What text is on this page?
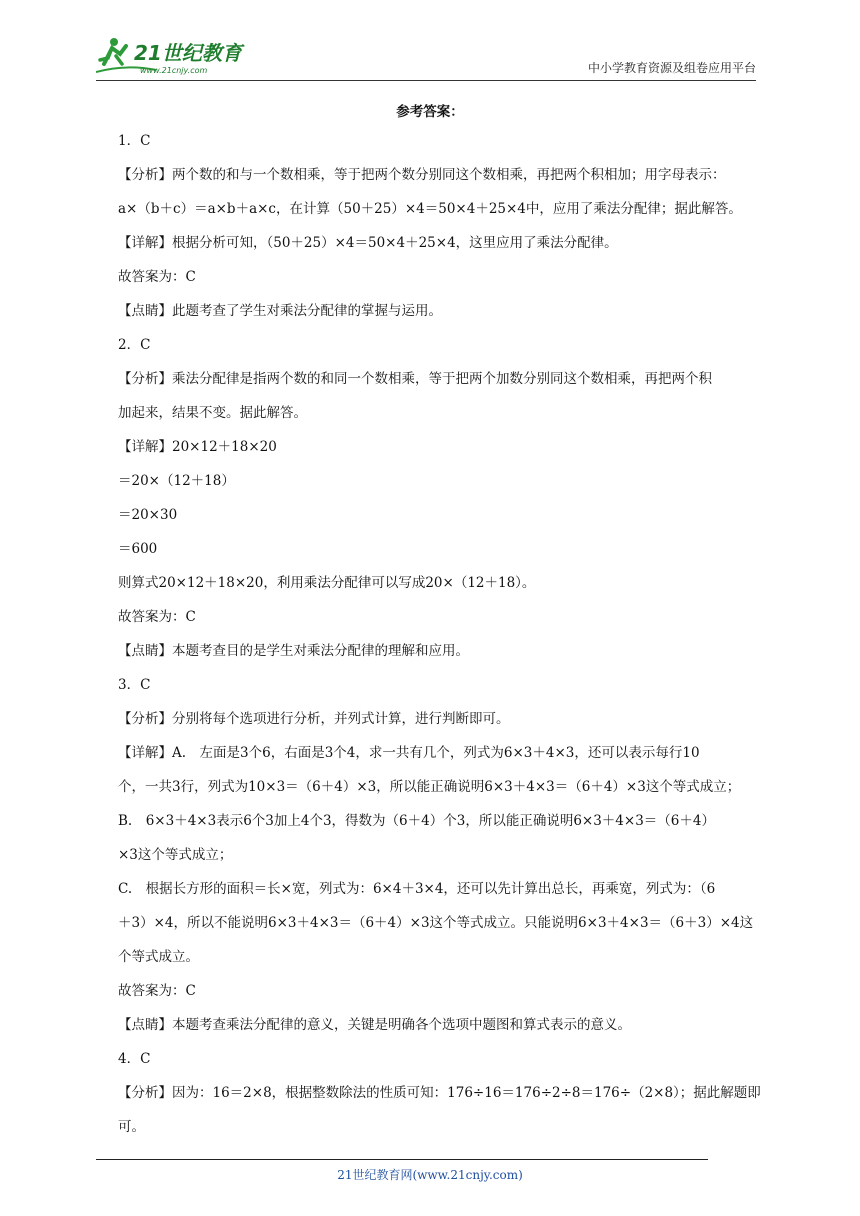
21世纪教育
www.21cnjy.com	中小学教育资源及组卷应用平台
参考答案：
1．C
【分析】两个数的和与一个数相乘，等于把两个数分别同这个数相乘，再把两个积相加；用字母表示：
a×（b＋c）＝a×b＋a×c，在计算（50＋25）×4＝50×4＋25×4中，应用了乘法分配律；据此解答。
【详解】根据分析可知，（50＋25）×4＝50×4＋25×4，这里应用了乘法分配律。
故答案为：C
【点睛】此题考查了学生对乘法分配律的掌握与运用。
2．C
【分析】乘法分配律是指两个数的和同一个数相乘，等于把两个加数分别同这个数相乘，再把两个积
加起来，结果不变。据此解答。
【详解】20×12＋18×20
＝20×（12＋18）
＝20×30
＝600
则算式20×12＋18×20，利用乘法分配律可以写成20×（12＋18）。
故答案为：C
【点睛】本题考查目的是学生对乘法分配律的理解和应用。
3．C
【分析】分别将每个选项进行分析，并列式计算，进行判断即可。
【详解】A.　左面是3个6，右面是3个4，求一共有几个，列式为6×3＋4×3，还可以表示每行10
个，一共3行，列式为10×3＝（6＋4）×3，所以能正确说明6×3＋4×3＝（6＋4）×3这个等式成立；
B.　6×3＋4×3表示6个3加上4个3，得数为（6＋4）个3，所以能正确说明6×3＋4×3＝（6＋4）
×3这个等式成立；
C.　根据长方形的面积＝长×宽，列式为：6×4＋3×4，还可以先计算出总长，再乘宽，列式为：（6
＋3）×4，所以不能说明6×3＋4×3＝（6＋4）×3这个等式成立。只能说明6×3＋4×3＝（6＋3）×4这
个等式成立。
故答案为：C
【点睛】本题考查乘法分配律的意义，关键是明确各个选项中题图和算式表示的意义。
4．C
【分析】因为：16＝2×8，根据整数除法的性质可知：176÷16＝176÷2÷8＝176÷（2×8）；据此解题即
可。
21世纪教育网(www.21cnjy.com)
